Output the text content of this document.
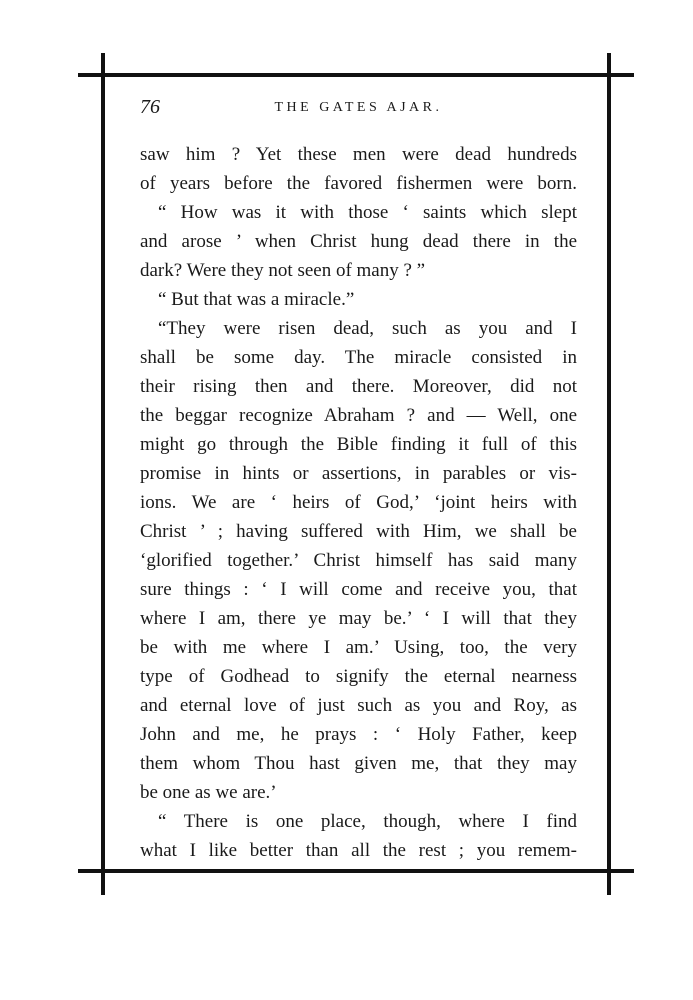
76	THE GATES AJAR.
saw him ? Yet these men were dead hundreds
of years before the favored fishermen were born.
“ How was it with those ‘ saints which slept
and arose ’ when Christ hung dead there in the
dark? Were they not seen of many ? ”
“ But that was a miracle.”
“They were risen dead, such as you and I
shall be some day. The miracle consisted in
their rising then and there. Moreover, did not
the beggar recognize Abraham ? and — Well, one
might go through the Bible finding it full of this
promise in hints or assertions, in parables or vis-
ions. We are ‘ heirs of God,’ ‘joint heirs with
Christ ’ ; having suffered with Him, we shall be
‘glorified together.’ Christ himself has said many
sure things : ‘ I will come and receive you, that
where I am, there ye may be.’ ‘ I will that they
be with me where I am.’ Using, too, the very
type of Godhead to signify the eternal nearness
and eternal love of just such as you and Roy, as
John and me, he prays : ‘ Holy Father, keep
them whom Thou hast given me, that they may
be one as we are.’
“ There is one place, though, where I find
what I like better than all the rest ; you remem-
